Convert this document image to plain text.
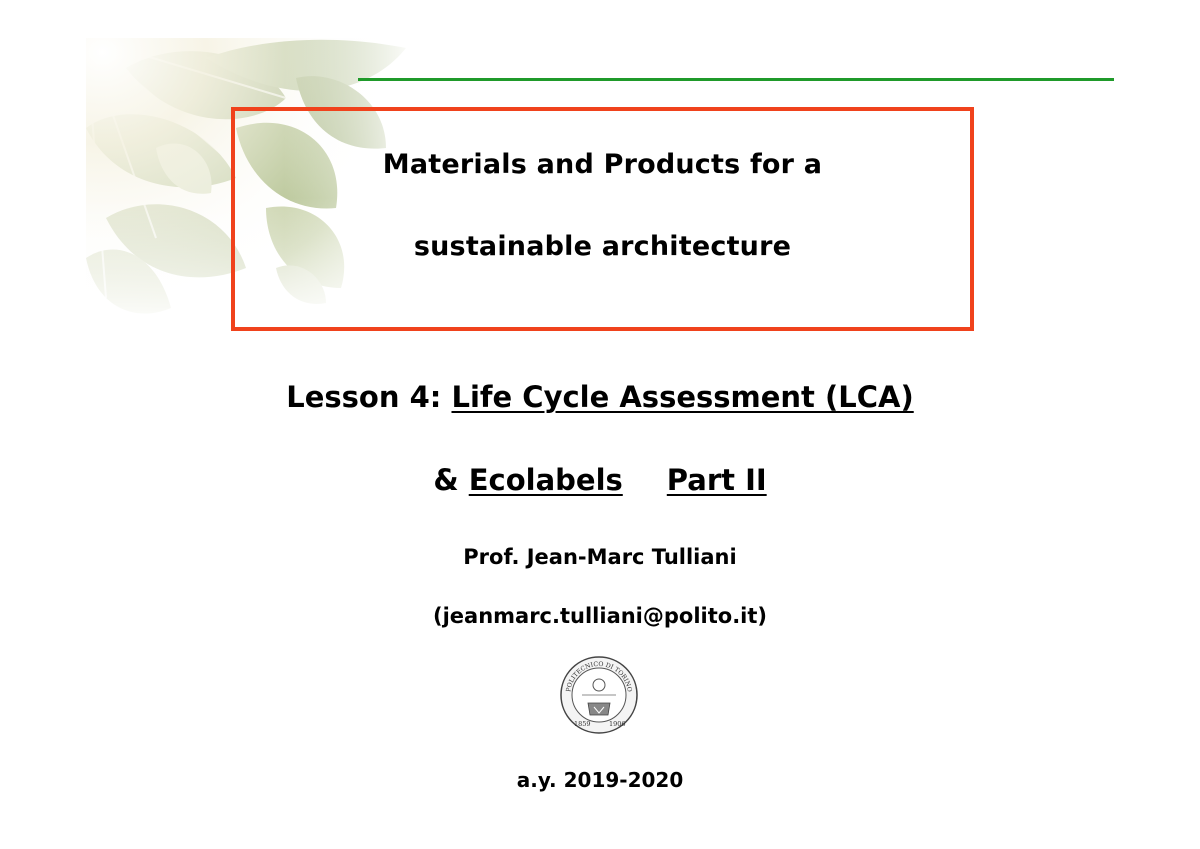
Materials and Products for a
sustainable architecture
Lesson 4: Life Cycle Assessment (LCA)
& Ecolabels Part II
Prof. Jean-Marc Tulliani
(jeanmarc.tulliani@polito.it)
POLITECNICO DI TORINO
1859	1906
a.y. 2019-2020
